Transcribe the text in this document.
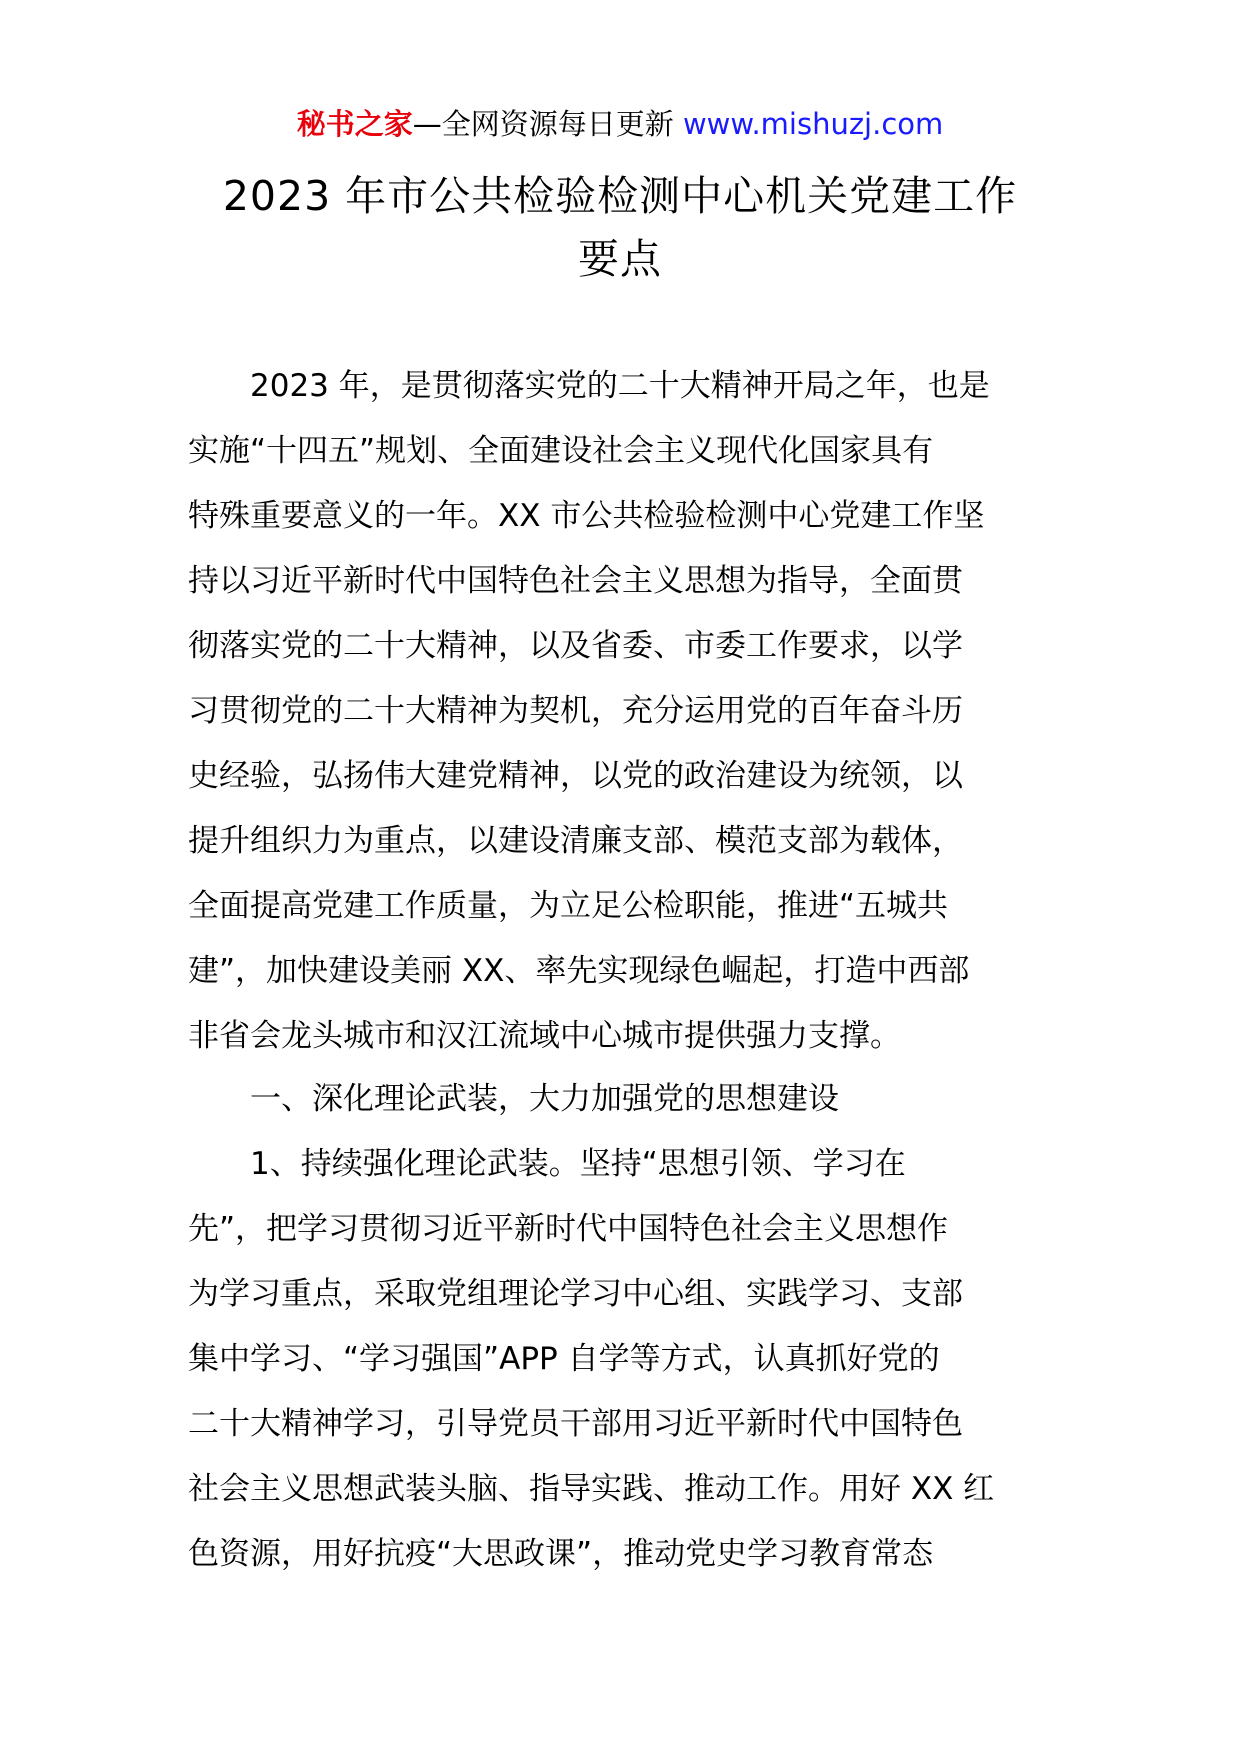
秘书之家—全网资源每日更新 www.mishuzj.com
2023 年市公共检验检测中心机关党建工作
要点
2023 年，是贯彻落实党的二十大精神开局之年，也是
实施“十四五”规划、全面建设社会主义现代化国家具有
特殊重要意义的一年。XX 市公共检验检测中心党建工作坚
持以习近平新时代中国特色社会主义思想为指导，全面贯
彻落实党的二十大精神，以及省委、市委工作要求，以学
习贯彻党的二十大精神为契机，充分运用党的百年奋斗历
史经验，弘扬伟大建党精神，以党的政治建设为统领，以
提升组织力为重点，以建设清廉支部、模范支部为载体，
全面提高党建工作质量，为立足公检职能，推进“五城共
建”，加快建设美丽 XX、率先实现绿色崛起，打造中西部
非省会龙头城市和汉江流域中心城市提供强力支撑。
一、深化理论武装，大力加强党的思想建设
1、持续强化理论武装。坚持“思想引领、学习在
先”，把学习贯彻习近平新时代中国特色社会主义思想作
为学习重点，采取党组理论学习中心组、实践学习、支部
集中学习、“学习强国”APP 自学等方式，认真抓好党的
二十大精神学习，引导党员干部用习近平新时代中国特色
社会主义思想武装头脑、指导实践、推动工作。用好 XX 红
色资源，用好抗疫“大思政课”，推动党史学习教育常态
